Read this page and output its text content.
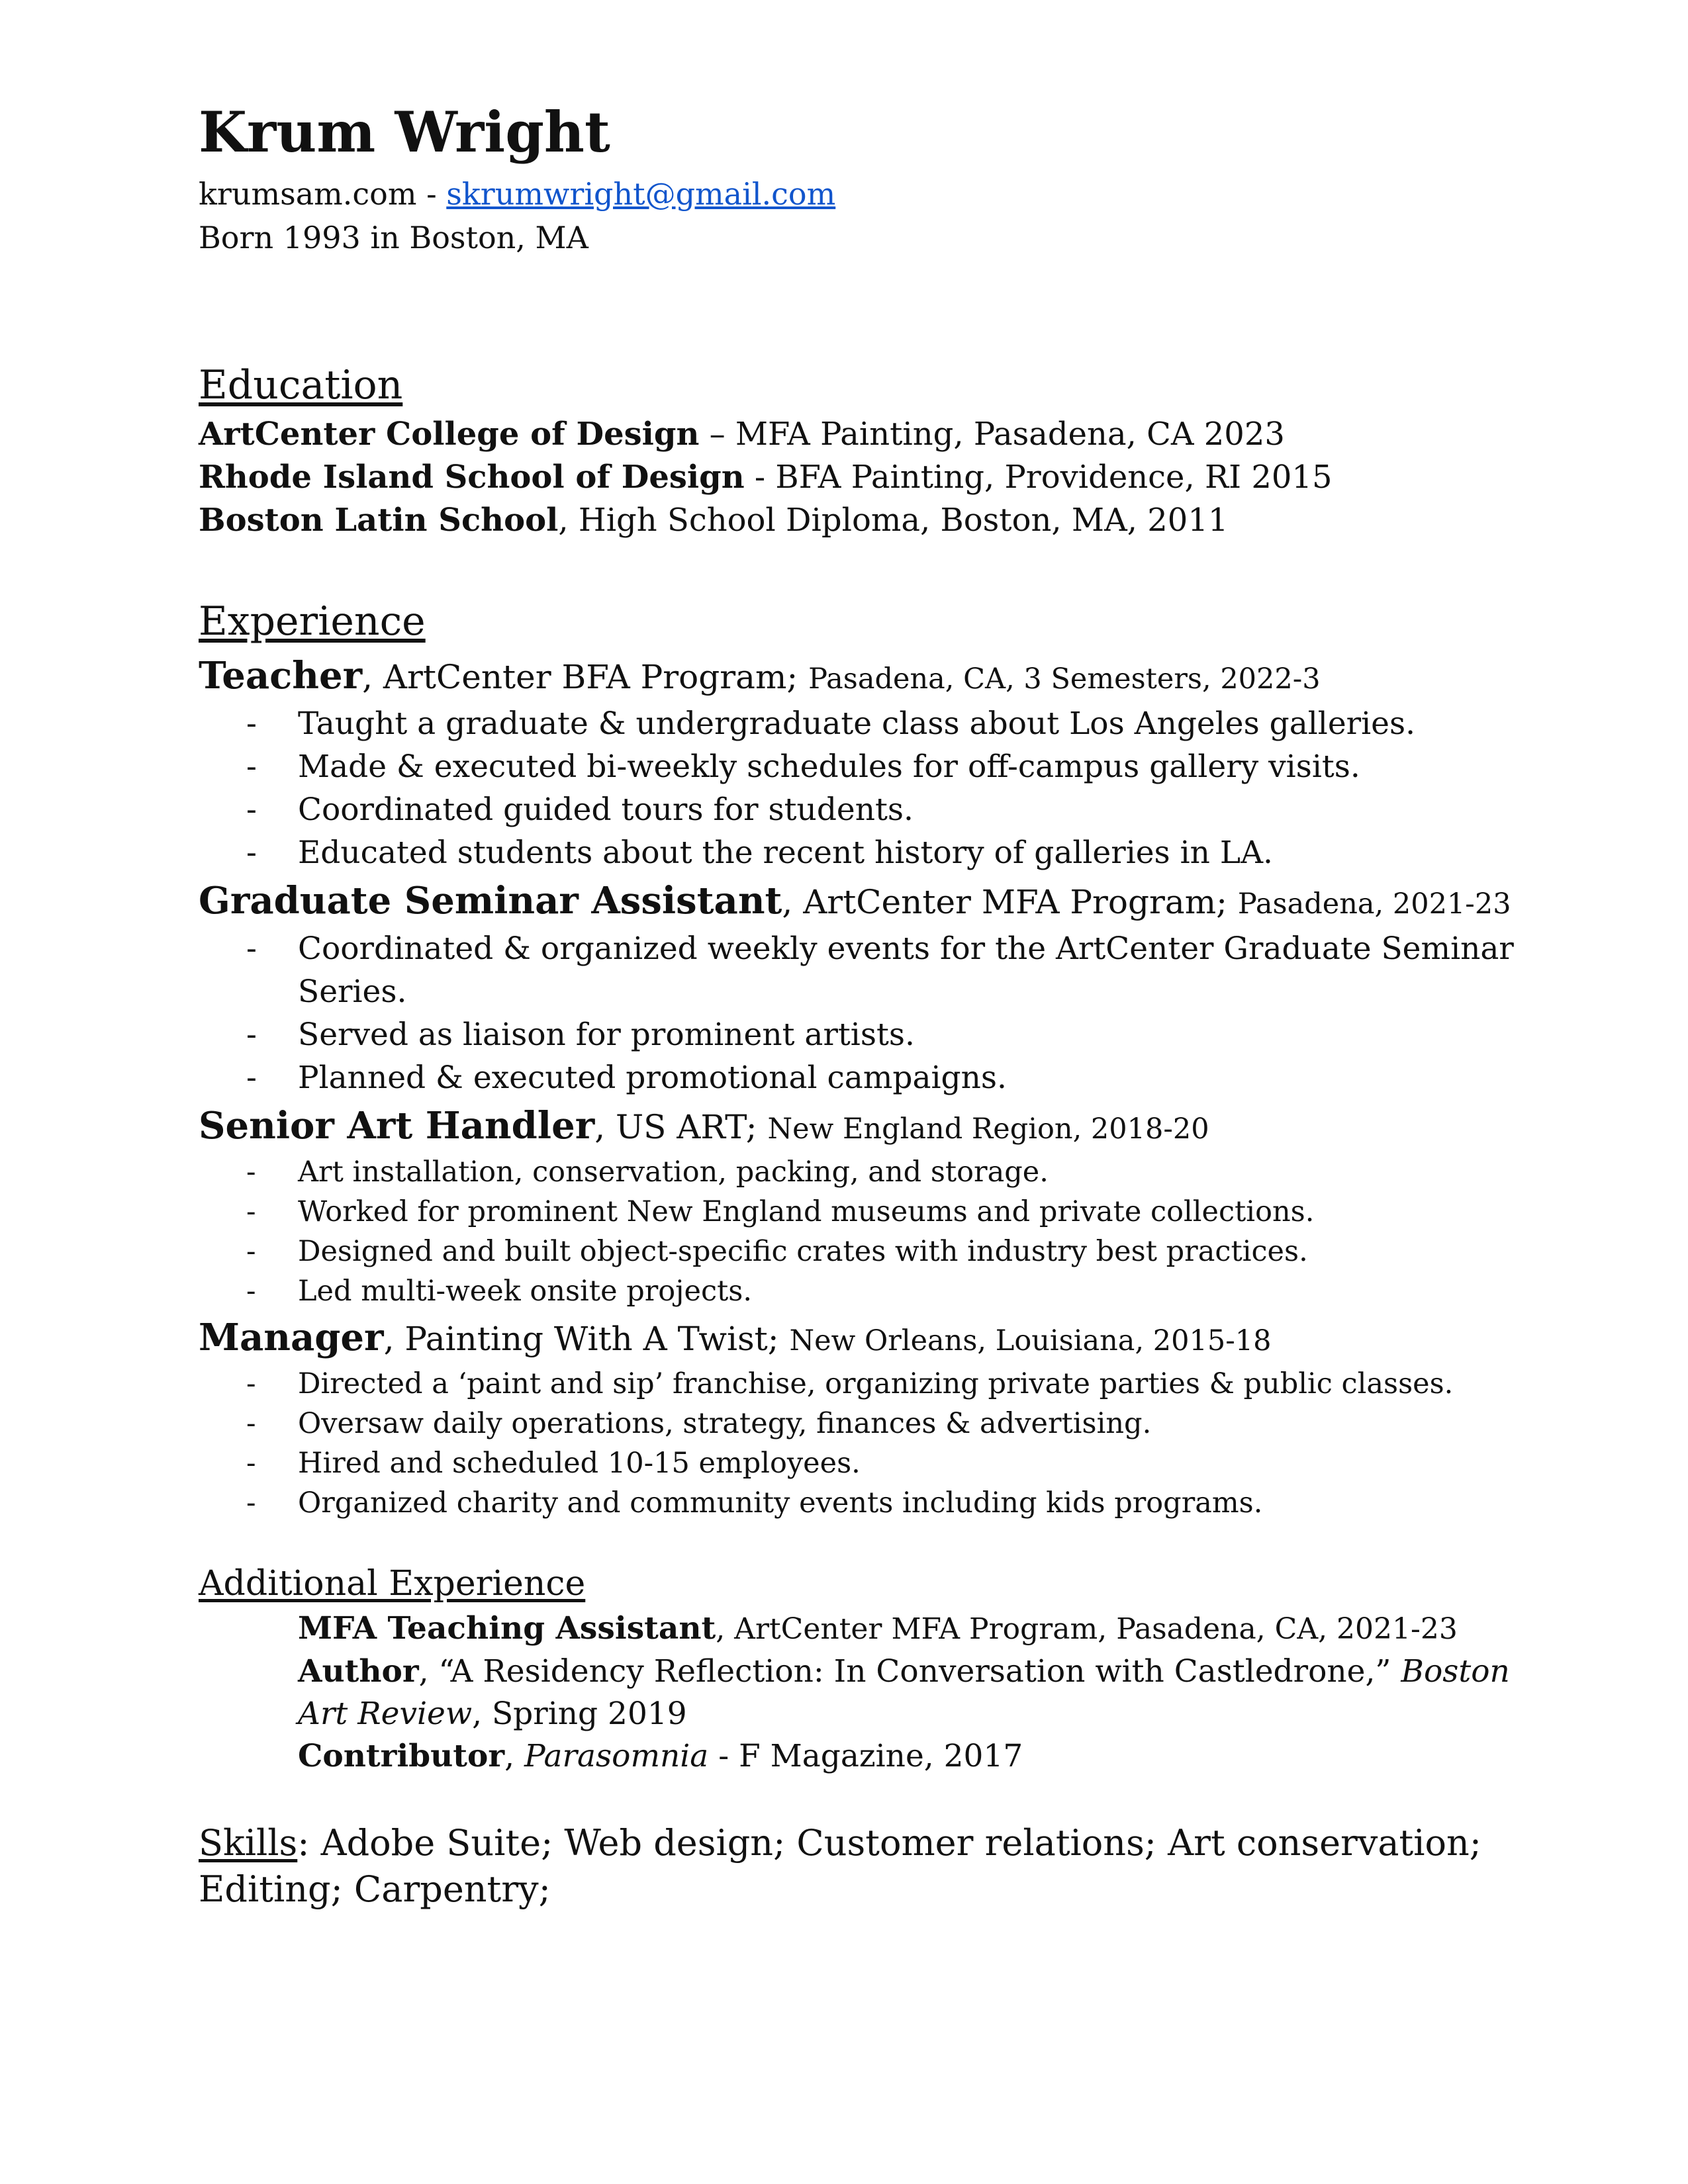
Krum Wright
krumsam.com - skrumwright@gmail.com
Born 1993 in Boston, MA
Education
ArtCenter College of Design – MFA Painting, Pasadena, CA 2023
Rhode Island School of Design - BFA Painting, Providence, RI 2015
Boston Latin School, High School Diploma, Boston, MA, 2011
Experience
Teacher, ArtCenter BFA Program; Pasadena, CA, 3 Semesters, 2022-3
- Taught a graduate & undergraduate class about Los Angeles galleries.
- Made & executed bi-weekly schedules for off-campus gallery visits.
- Coordinated guided tours for students.
- Educated students about the recent history of galleries in LA.
Graduate Seminar Assistant, ArtCenter MFA Program; Pasadena, 2021-23
- Coordinated & organized weekly events for the ArtCenter Graduate Seminar Series.
- Served as liaison for prominent artists.
- Planned & executed promotional campaigns.
Senior Art Handler, US ART; New England Region, 2018-20
- Art installation, conservation, packing, and storage.
- Worked for prominent New England museums and private collections.
- Designed and built object-specific crates with industry best practices.
- Led multi-week onsite projects.
Manager, Painting With A Twist; New Orleans, Louisiana, 2015-18
- Directed a ‘paint and sip’ franchise, organizing private parties & public classes.
- Oversaw daily operations, strategy, finances & advertising.
- Hired and scheduled 10-15 employees.
- Organized charity and community events including kids programs.
Additional Experience
MFA Teaching Assistant, ArtCenter MFA Program, Pasadena, CA, 2021-23
Author, “A Residency Reflection: In Conversation with Castledrone,” Boston Art Review, Spring 2019
Contributor, Parasomnia - F Magazine, 2017
Skills: Adobe Suite; Web design; Customer relations; Art conservation; Editing; Carpentry;
